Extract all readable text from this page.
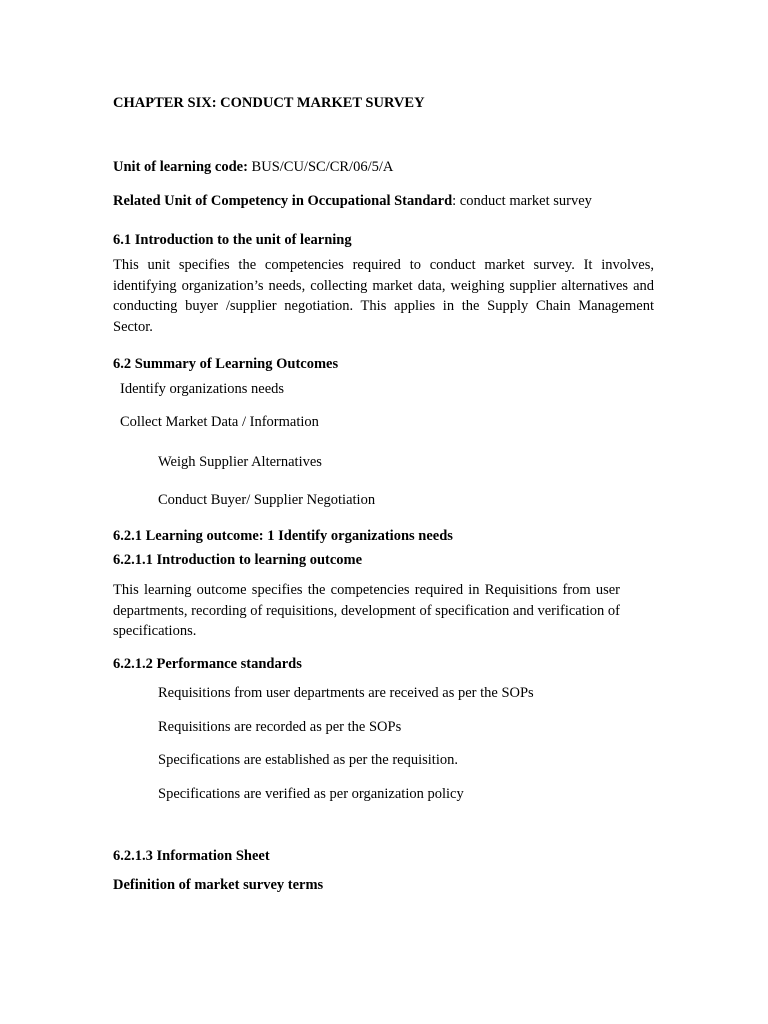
CHAPTER SIX: CONDUCT MARKET SURVEY
Unit of learning code: BUS/CU/SC/CR/06/5/A
Related Unit of Competency in Occupational Standard: conduct market survey
6.1 Introduction to the unit of learning
This unit specifies the competencies required to conduct market survey. It involves, identifying organization’s needs, collecting market data, weighing supplier alternatives and conducting buyer /supplier negotiation. This applies in the Supply Chain Management Sector.
6.2 Summary of Learning Outcomes
Identify organizations needs
Collect Market Data / Information
Weigh Supplier Alternatives
Conduct Buyer/ Supplier Negotiation
6.2.1 Learning outcome: 1 Identify organizations needs
6.2.1.1 Introduction to learning outcome
This learning outcome specifies the competencies required in Requisitions from user departments, recording of requisitions, development of specification and verification of specifications.
6.2.1.2 Performance standards
Requisitions from user departments are received as per the SOPs
Requisitions are recorded as per the SOPs
Specifications are established as per the requisition.
Specifications are verified as per organization policy
6.2.1.3 Information Sheet
Definition of market survey terms
